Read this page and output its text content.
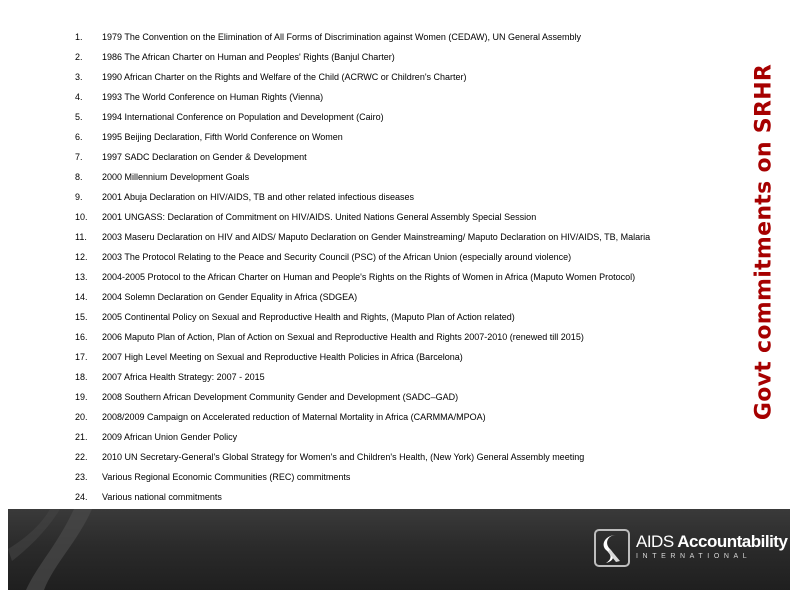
1. 1979 The Convention on the Elimination of All Forms of Discrimination against Women (CEDAW), UN General Assembly
2. 1986 The African Charter on Human and Peoples' Rights (Banjul Charter)
3. 1990 African Charter on the Rights and Welfare of the Child (ACRWC or Children's Charter)
4. 1993 The World Conference on Human Rights (Vienna)
5. 1994 International Conference on Population and Development (Cairo)
6. 1995 Beijing Declaration, Fifth World Conference on Women
7. 1997 SADC Declaration on Gender & Development
8. 2000 Millennium Development Goals
9. 2001 Abuja Declaration on HIV/AIDS, TB and other related infectious diseases
10. 2001 UNGASS: Declaration of Commitment on HIV/AIDS. United Nations General Assembly Special Session
11. 2003 Maseru Declaration on HIV and AIDS/ Maputo Declaration on Gender Mainstreaming/ Maputo Declaration on HIV/AIDS, TB, Malaria
12. 2003 The Protocol Relating to the Peace and Security Council (PSC) of the African Union (especially around violence)
13. 2004-2005 Protocol to the African Charter on Human and People's Rights on the Rights of Women in Africa (Maputo Women Protocol)
14. 2004 Solemn Declaration on Gender Equality in Africa (SDGEA)
15. 2005 Continental Policy on Sexual and Reproductive Health and Rights, (Maputo Plan of Action related)
16. 2006 Maputo Plan of Action, Plan of Action on Sexual and Reproductive Health and Rights 2007-2010 (renewed till 2015)
17. 2007 High Level Meeting on Sexual and Reproductive Health Policies in Africa (Barcelona)
18. 2007 Africa Health Strategy: 2007 - 2015
19. 2008 Southern African Development Community Gender and Development (SADC–GAD)
20. 2008/2009 Campaign on Accelerated reduction of Maternal Mortality in Africa (CARMMA/MPOA)
21. 2009 African Union Gender Policy
22. 2010 UN Secretary-General's Global Strategy for Women's and Children's Health, (New York) General Assembly meeting
23. Various Regional Economic Communities (REC) commitments
24. Various national commitments
Govt commitments on SRHR
AIDS Accountability
INTERNATIONAL
